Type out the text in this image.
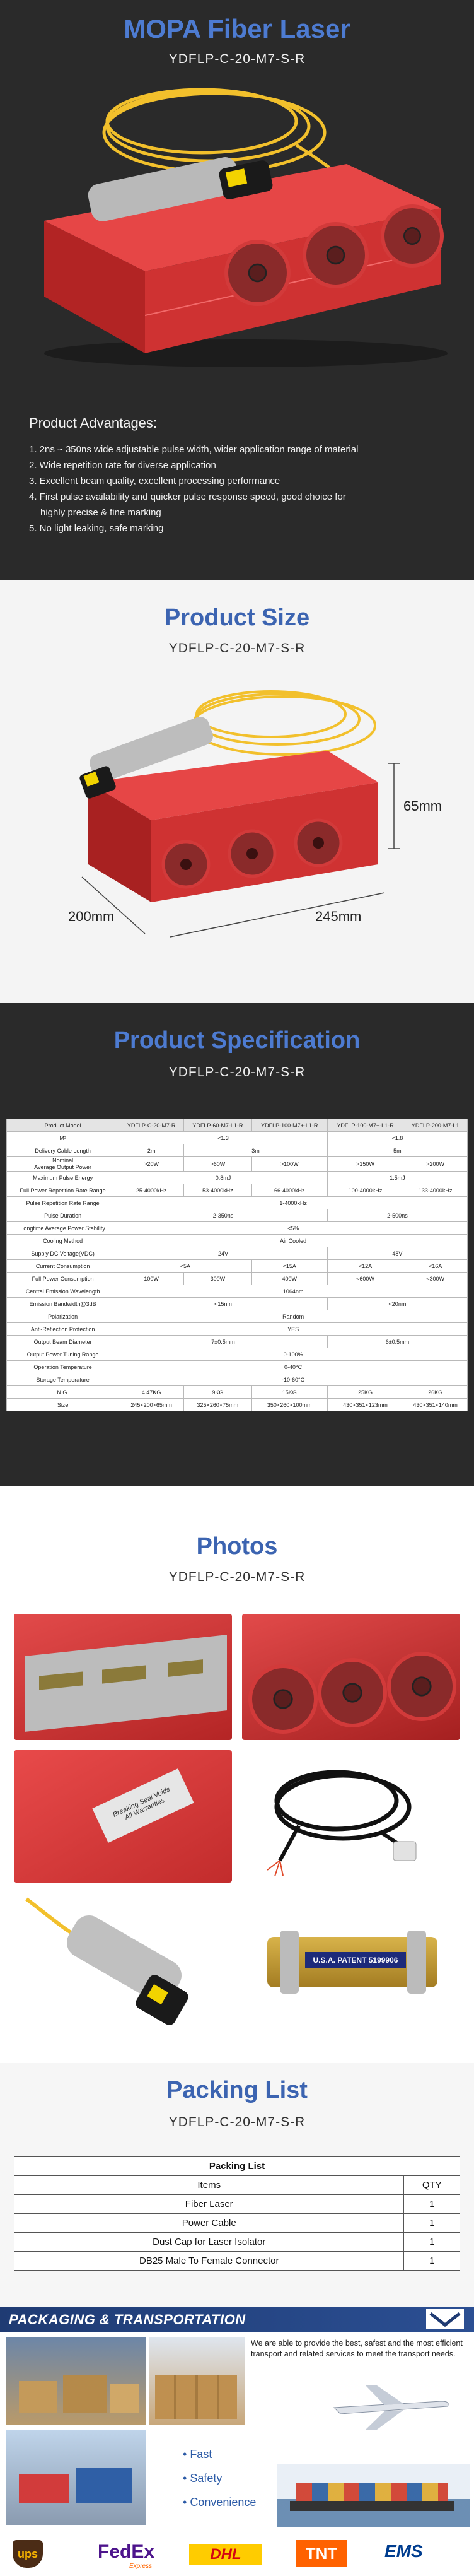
MOPA Fiber Laser
YDFLP-C-20-M7-S-R
Product Advantages:
1. 2ns ~ 350ns wide adjustable pulse width, wider application range of material
2. Wide repetition rate for diverse application
3. Excellent beam quality, excellent processing performance
4. First pulse availability and quicker pulse response speed, good choice for
highly precise & fine marking
5. No light leaking, safe marking
Product Size
YDFLP-C-20-M7-S-R
65mm
200mm	245mm
Product Specification
YDFLP-C-20-M7-S-R
Product Model	YDFLP-C-20-M7-R	YDFLP-60-M7-L1-R	YDFLP-100-M7+-L1-R	YDFLP-100-M7+-L1-R	YDFLP-200-M7-L1
M²	<1.3			<1.8	
Delivery Cable Length	2m	3m		5m	
Nominal
Average Output Power	>20W	>60W	>100W	>150W	>200W
Maximum Pulse Energy	0.8mJ			1.5mJ	
Full Power Repetition Rate Range	25-4000kHz	53-4000kHz	66-4000kHz	100-4000kHz	133-4000kHz
Pulse Repetition Rate Range	1-4000kHz				
Pulse Duration	2-350ns			2-500ns	
Longtime Average Power Stability	<5%				
Cooling Method	Air Cooled				
Supply DC Voltage(VDC)	24V			48V	
Current Consumption	<5A		<15A	<12A	<16A
Full Power Consumption	100W	300W	400W	<600W	<300W
Central Emission Wavelength	1064nm				
Emission Bandwidth@3dB	<15nm			<20nm	
Polarization	Random				
Anti-Reflection Protection	YES				
Output Beam Diameter	7±0.5mm			6±0.5mm	
Output Power Tuning Range	0-100%				
Operation Temperature	0-40°C				
Storage Temperature	-10-60°C				
N.G.	4.47KG	9KG	15KG	25KG	26KG
Size	245×200×65mm	325×260×75mm	350×260×100mm	430×351×123mm	430×351×140mm
Photos
YDFLP-C-20-M7-S-R
Breaking Seal Voids
All Warranties
U.S.A. PATENT 5199906
Packing List
YDFLP-C-20-M7-S-R
Packing List	
Items	QTY
Fiber Laser	1
Power Cable	1
Dust Cap for Laser Isolator	1
DB25 Male To Female Connector	1
PACKAGING & TRANSPORTATION
We are able to provide the best, safest and the most efficient transport and related services to meet the transport needs.
• Fast
• Safety
• Convenience
ups	FedEx
Express
DHL	TNT	EMS
